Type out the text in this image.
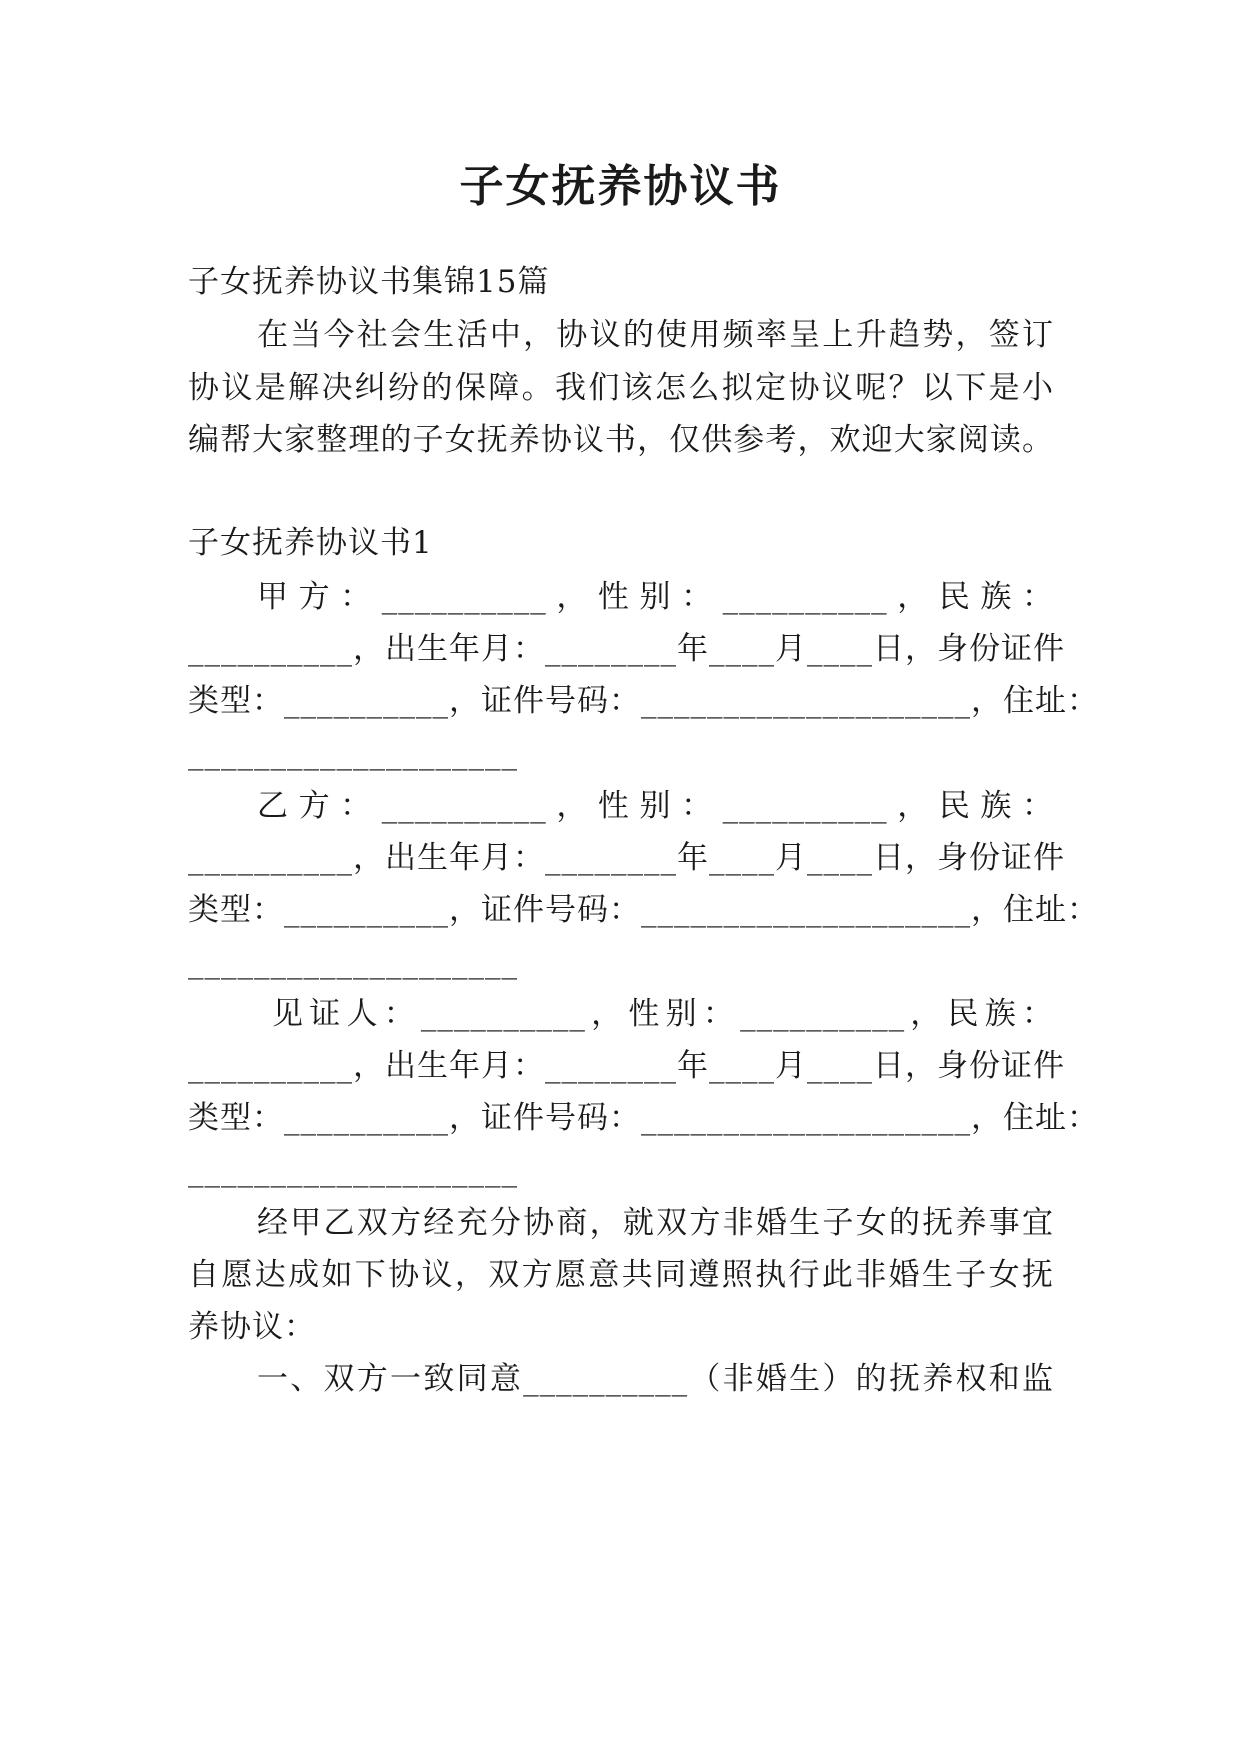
子女抚养协议书
子女抚养协议书集锦15篇
在当今社会生活中，协议的使用频率呈上升趋势，签订
协议是解决纠纷的保障。我们该怎么拟定协议呢？以下是小
编帮大家整理的子女抚养协议书，仅供参考，欢迎大家阅读。
子女抚养协议书1
甲方：__________，性别：__________，民族：
__________，出生年月：________年____月____日，身份证件
类型：__________，证件号码：____________________，住址：
____________________
乙方：__________，性别：__________，民族：
__________，出生年月：________年____月____日，身份证件
类型：__________，证件号码：____________________，住址：
____________________
见证人：__________，性别：__________，民族：
__________，出生年月：________年____月____日，身份证件
类型：__________，证件号码：____________________，住址：
____________________
经甲乙双方经充分协商，就双方非婚生子女的抚养事宜
自愿达成如下协议，双方愿意共同遵照执行此非婚生子女抚
养协议：
一、双方一致同意__________（非婚生）的抚养权和监
